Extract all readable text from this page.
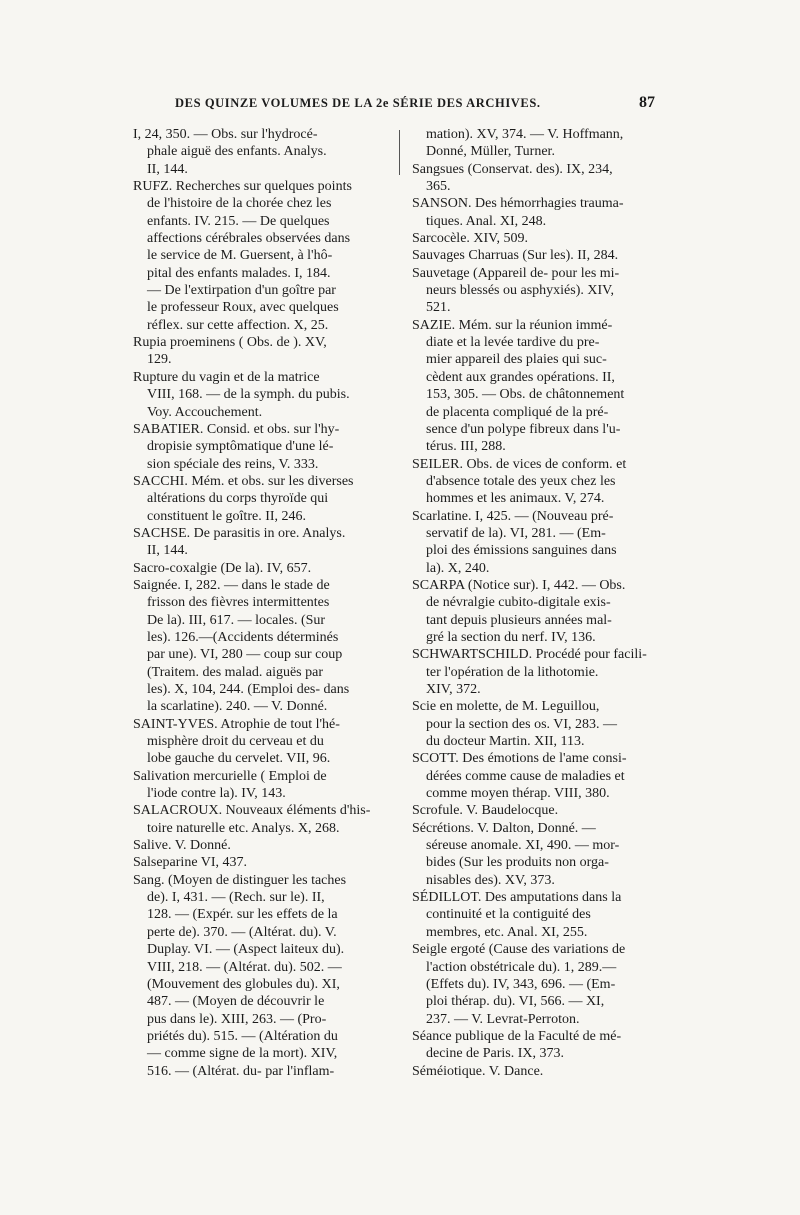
DES QUINZE VOLUMES DE LA 2e SÉRIE DES ARCHIVES.	87
I, 24, 350. — Obs. sur l'hydrocé-
phale aiguë des enfants. Analys.
II, 144.
RUFZ. Recherches sur quelques points
de l'histoire de la chorée chez les
enfants. IV. 215. — De quelques
affections cérébrales observées dans
le service de M. Guersent, à l'hô-
pital des enfants malades. I, 184.
— De l'extirpation d'un goître par
le professeur Roux, avec quelques
réflex. sur cette affection. X, 25.
Rupia proeminens ( Obs. de ). XV,
129.
Rupture du vagin et de la matrice
VIII, 168. — de la symph. du pubis.
Voy. Accouchement.
SABATIER. Consid. et obs. sur l'hy-
dropisie symptômatique d'une lé-
sion spéciale des reins, V. 333.
SACCHI. Mém. et obs. sur les diverses
altérations du corps thyroïde qui
constituent le goître. II, 246.
SACHSE. De parasitis in ore. Analys.
II, 144.
Sacro-coxalgie (De la). IV, 657.
Saignée. I, 282. — dans le stade de
frisson des fièvres intermittentes
De la). III, 617. — locales. (Sur
les). 126.—(Accidents déterminés
par une). VI, 280 — coup sur coup
(Traitem. des malad. aiguës par
les). X, 104, 244. (Emploi des- dans
la scarlatine). 240. — V. Donné.
SAINT-YVES. Atrophie de tout l'hé-
misphère droit du cerveau et du
lobe gauche du cervelet. VII, 96.
Salivation mercurielle ( Emploi de
l'iode contre la). IV, 143.
SALACROUX. Nouveaux éléments d'his-
toire naturelle etc. Analys. X, 268.
Salive. V. Donné.
Salseparine VI, 437.
Sang. (Moyen de distinguer les taches
de). I, 431. — (Rech. sur le). II,
128. — (Expér. sur les effets de la
perte de). 370. — (Altérat. du). V.
Duplay. VI. — (Aspect laiteux du).
VIII, 218. — (Altérat. du). 502. —
(Mouvement des globules du). XI,
487. — (Moyen de découvrir le
pus dans le). XIII, 263. — (Pro-
priétés du). 515. — (Altération du
— comme signe de la mort). XIV,
516. — (Altérat. du- par l'inflam-
mation). XV, 374. — V. Hoffmann,
Donné, Müller, Turner.
Sangsues (Conservat. des). IX, 234,
365.
SANSON. Des hémorrhagies trauma-
tiques. Anal. XI, 248.
Sarcocèle. XIV, 509.
Sauvages Charruas (Sur les). II, 284.
Sauvetage (Appareil de- pour les mi-
neurs blessés ou asphyxiés). XIV,
521.
SAZIE. Mém. sur la réunion immé-
diate et la levée tardive du pre-
mier appareil des plaies qui suc-
cèdent aux grandes opérations. II,
153, 305. — Obs. de châtonnement
de placenta compliqué de la pré-
sence d'un polype fibreux dans l'u-
térus. III, 288.
SEILER. Obs. de vices de conform. et
d'absence totale des yeux chez les
hommes et les animaux. V, 274.
Scarlatine. I, 425. — (Nouveau pré-
servatif de la). VI, 281. — (Em-
ploi des émissions sanguines dans
la). X, 240.
SCARPA (Notice sur). I, 442. — Obs.
de névralgie cubito-digitale exis-
tant depuis plusieurs années mal-
gré la section du nerf. IV, 136.
SCHWARTSCHILD. Procédé pour facili-
ter l'opération de la lithotomie.
XIV, 372.
Scie en molette, de M. Leguillou,
pour la section des os. VI, 283. —
du docteur Martin. XII, 113.
SCOTT. Des émotions de l'ame consi-
dérées comme cause de maladies et
comme moyen thérap. VIII, 380.
Scrofule. V. Baudelocque.
Sécrétions. V. Dalton, Donné. —
séreuse anomale. XI, 490. — mor-
bides (Sur les produits non orga-
nisables des). XV, 373.
SÉDILLOT. Des amputations dans la
continuité et la contiguité des
membres, etc. Anal. XI, 255.
Seigle ergoté (Cause des variations de
l'action obstétricale du). 1, 289.—
(Effets du). IV, 343, 696. — (Em-
ploi thérap. du). VI, 566. — XI,
237. — V. Levrat-Perroton.
Séance publique de la Faculté de mé-
decine de Paris. IX, 373.
Séméiotique. V. Dance.
